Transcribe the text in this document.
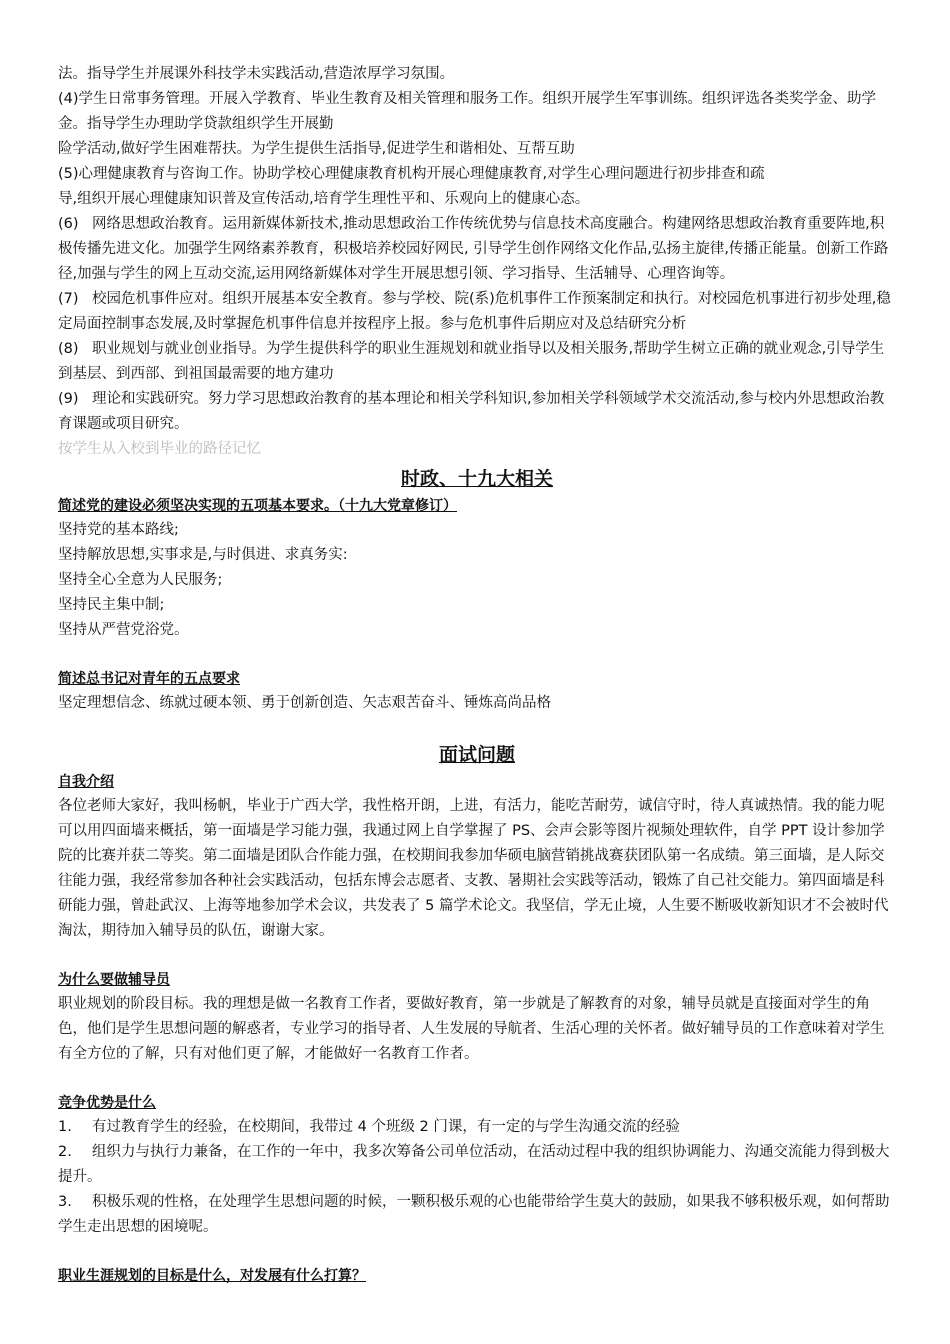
法。指导学生并展课外科技学未实践活动,营造浓厚学习氛围。

(4)学生日常事务管理。开展入学教育、毕业生教育及相关管理和服务工作。组织开展学生军事训练。组织评选各类奖学金、助学金。指导学生办理助学贷款组织学生开展勤

险学活动,做好学生困难帮扶。为学生提供生活指导,促进学生和谐相处、互帮互助

(5)心理健康教育与咨询工作。协助学校心理健康教育机构开展心理健康教育,对学生心理问题进行初步排查和疏

导,组织开展心理健康知识普及宣传活动,培育学生理性平和、乐观向上的健康心态。

(6) 网络思想政治教育。运用新媒体新技术,推动思想政治工作传统优势与信息技术高度融合。构建网络思想政治教育重要阵地,积极传播先进文化。加强学生网络素养教育，积极培养校园好网民, 引导学生创作网络文化作品,弘扬主旋律,传播正能量。创新工作路径,加强与学生的网上互动交流,运用网络新媒体对学生开展思想引领、学习指导、生活辅导、心理咨询等。

(7) 校园危机事件应对。组织开展基本安全教育。参与学校、院(系)危机事件工作预案制定和执行。对校园危机事进行初步处理,稳定局面控制事态发展,及时掌握危机事件信息并按程序上报。参与危机事件后期应对及总结研究分析

(8) 职业规划与就业创业指导。为学生提供科学的职业生涯规划和就业指导以及相关服务,帮助学生树立正确的就业观念,引导学生到基层、到西部、到祖国最需要的地方建功

(9) 理论和实践研究。努力学习思想政治教育的基本理论和相关学科知识,参加相关学科领域学术交流活动,参与校内外思想政治教育课题或项目研究。

按学生从入校到毕业的路径记忆

时政、十九大相关
简述党的建设必须坚决实现的五项基本要求。（十九大党章修订）

坚持党的基本路线;

坚持解放思想,实事求是,与时俱进、求真务实:

坚持全心全意为人民服务;

坚持民主集中制;

坚持从严营党浴党。

简述总书记对青年的五点要求

坚定理想信念、练就过硬本领、勇于创新创造、矢志艰苦奋斗、锤炼高尚品格

面试问题
自我介绍

各位老师大家好，我叫杨帆，毕业于广西大学，我性格开朗，上进，有活力，能吃苦耐劳，诚信守时，待人真诚热情。我的能力呢可以用四面墙来概括，第一面墙是学习能力强，我通过网上自学掌握了 PS、会声会影等图片视频处理软件，自学 PPT 设计参加学院的比赛并获二等奖。第二面墙是团队合作能力强，在校期间我参加华硕电脑营销挑战赛获团队第一名成绩。第三面墙，是人际交往能力强，我经常参加各种社会实践活动，包括东博会志愿者、支教、暑期社会实践等活动，锻炼了自己社交能力。第四面墙是科研能力强，曾赴武汉、上海等地参加学术会议，共发表了 5 篇学术论文。我坚信，学无止境，人生要不断吸收新知识才不会被时代淘汰，期待加入辅导员的队伍，谢谢大家。

为什么要做辅导员

职业规划的阶段目标。我的理想是做一名教育工作者，要做好教育，第一步就是了解教育的对象，辅导员就是直接面对学生的角色，他们是学生思想问题的解惑者，专业学习的指导者、人生发展的导航者、生活心理的关怀者。做好辅导员的工作意味着对学生有全方位的了解，只有对他们更了解，才能做好一名教育工作者。

竞争优势是什么

1. 有过教育学生的经验，在校期间，我带过 4 个班级 2 门课，有一定的与学生沟通交流的经验

2. 组织力与执行力兼备，在工作的一年中，我多次筹备公司单位活动，在活动过程中我的组织协调能力、沟通交流能力得到极大提升。

3. 积极乐观的性格，在处理学生思想问题的时候，一颗积极乐观的心也能带给学生莫大的鼓励，如果我不够积极乐观，如何帮助学生走出思想的困境呢。

职业生涯规划的目标是什么，对发展有什么打算？
